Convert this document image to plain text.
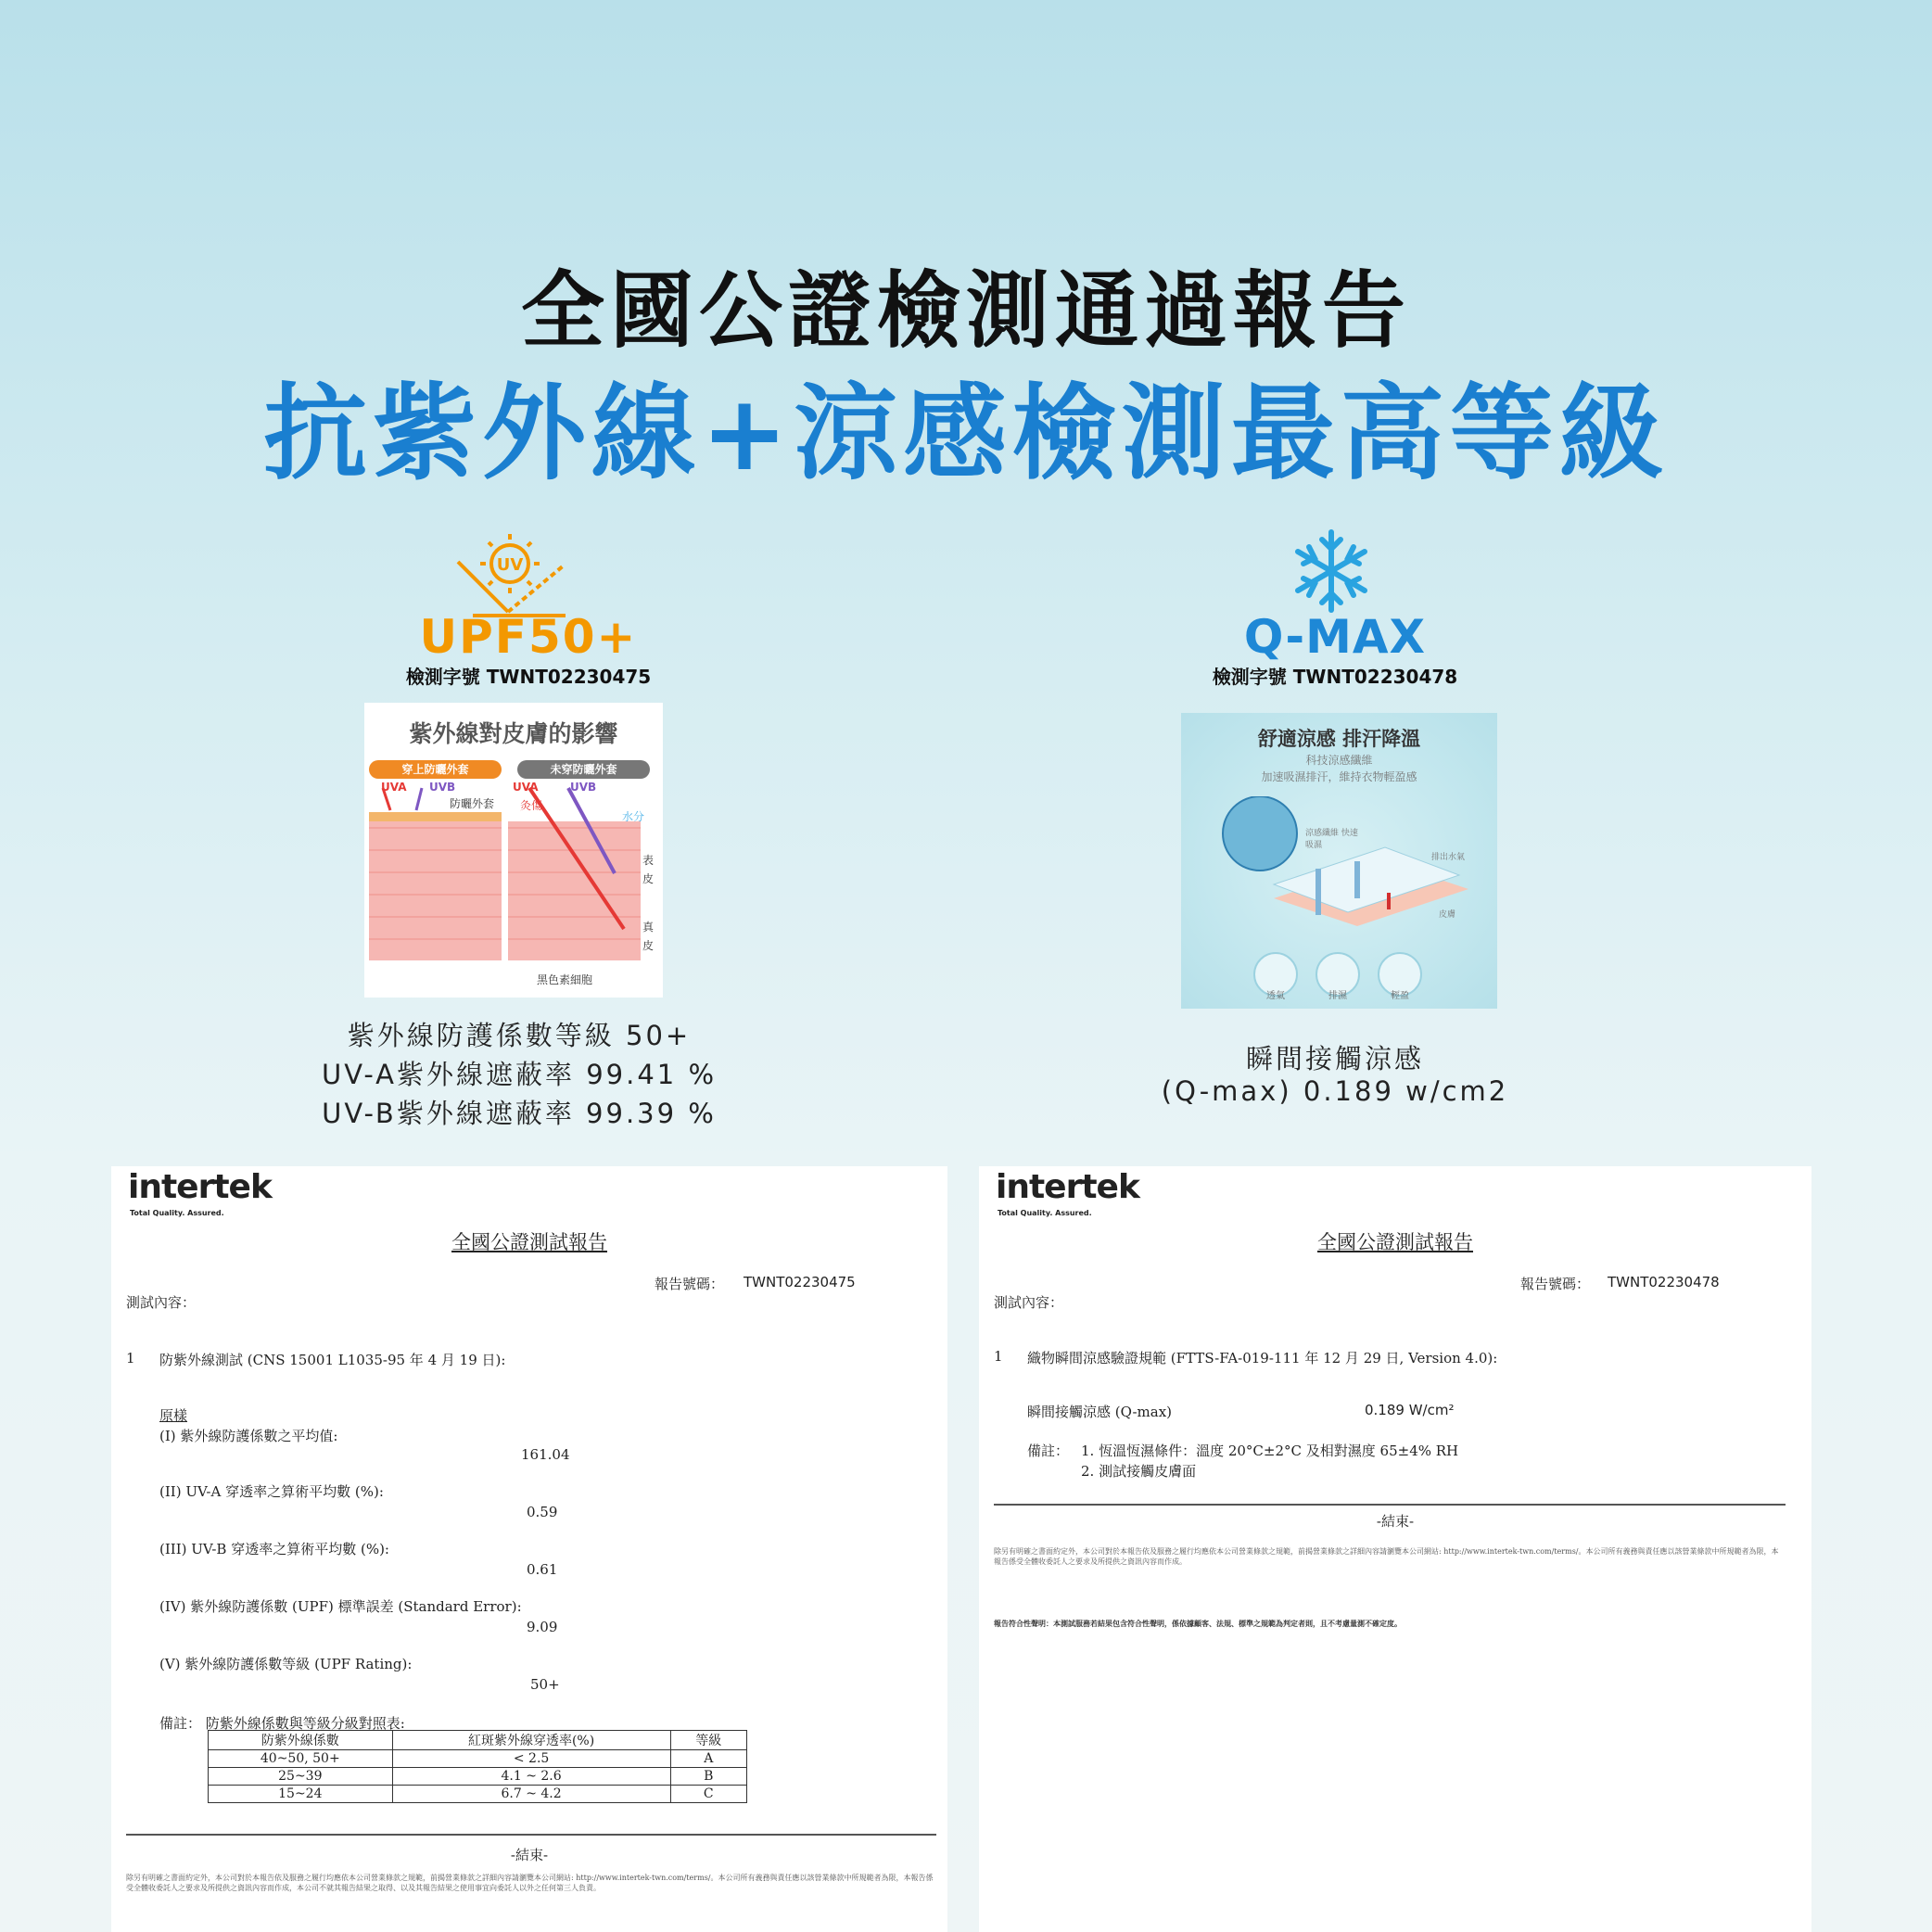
全國公證檢測通過報告
抗紫外線+涼感檢測最高等級
UV
UPF50+
檢測字號 TWNT02230475
Q-MAX
檢測字號 TWNT02230478
紫外線對皮膚的影響
穿上防曬外套	未穿防曬外套
UVA UVB
防曬外套
UVA	UVB
灸傷
水分
表皮
真皮
黑色素細胞
舒適涼感 排汗降溫
科技涼感纖維
加速吸濕排汗，維持衣物輕盈感
涼感纖維 快速吸濕
排出水氣
皮膚
透氣	排濕	輕盈
紫外線防護係數等級 50+
UV-A紫外線遮蔽率 99.41 %
UV-B紫外線遮蔽率 99.39 %
瞬間接觸涼感
(Q-max) 0.189 w/cm2
intertek
Total Quality. Assured.
全國公證測試報告
報告號碼： TWNT02230475
測試內容：
1 防紫外線測試 (CNS 15001 L1035-95 年 4 月 19 日):
原樣
(I) 紫外線防護係數之平均值:
161.04
(II) UV-A 穿透率之算術平均數 (%):
0.59
(III) UV-B 穿透率之算術平均數 (%):
0.61
(IV) 紫外線防護係數 (UPF) 標準誤差 (Standard Error):
9.09
(V) 紫外線防護係數等級 (UPF Rating):
50+
備註： 防紫外線係數與等級分級對照表:
防紫外線係數	紅斑紫外線穿透率(%)	等級
40~50, 50+	< 2.5	A
25~39	4.1 ~ 2.6	B
15~24	6.7 ~ 4.2	C
-結束-
除另有明確之書面約定外，本公司對於本報告依及服務之履行均應依本公司營業條款之規範，前揭營業條款之詳細內容請瀏覽本公司網站: http://www.intertek-twn.com/terms/。本公司所有義務與責任應以該營業條款中所規範者為限，本報告係受全體收委託人之要求及所提供之資訊內容而作成，本公司不就其報告結果之取得、以及其報告結果之使用事宜向委託人以外之任何第三人負責。
intertek
Total Quality. Assured.
全國公證測試報告
報告號碼： TWNT02230478
測試內容：
1 織物瞬間涼感驗證規範 (FTTS-FA-019-111 年 12 月 29 日, Version 4.0):
瞬間接觸涼感 (Q-max)	0.189 W/cm²
備註： 1. 恆溫恆濕條件：溫度 20°C±2°C 及相對濕度 65±4% RH
2. 測試接觸皮膚面
-結束-
除另有明確之書面約定外，本公司對於本報告依及服務之履行均應依本公司營業條款之規範，前揭營業條款之詳細內容請瀏覽本公司網站: http://www.intertek-twn.com/terms/。本公司所有義務與責任應以該營業條款中所規範者為限，本報告係受全體收委託人之要求及所提供之資訊內容而作成。
報告符合性聲明：本測試服務若結果包含符合性聲明，係依據顧客、法規、標準之規範為判定者則，且不考慮量測不確定度。
